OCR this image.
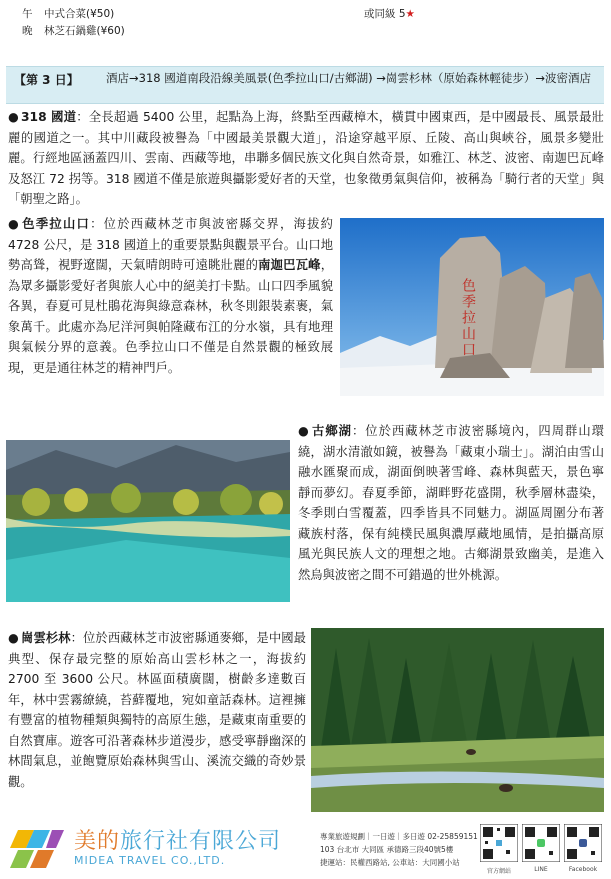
午	中式合菜(¥50)	或同級 5★
晚	林芝石鍋雞(¥60)
【第 3 日】 酒店→318 國道南段沿線美風景(色季拉山口/古鄉湖) →崗雲杉林（原始森林輕徒步）→波密酒店
● 318 國道：全長超過 5400 公里，起點為上海，終點至西藏樟木，橫貫中國東西，是中國最長、風景最壯麗的國道之一。其中川藏段被譽為「中國最美景觀大道」，沿途穿越平原、丘陵、高山與峽谷，風景多變壯麗。行經地區涵蓋四川、雲南、西藏等地，串聯多個民族文化與自然奇景，如雅江、林芝、波密、南迦巴瓦峰及怒江 72 拐等。318 國道不僅是旅遊與攝影愛好者的天堂，也象徵勇氣與信仰，被稱為「騎行者的天堂」與「朝聖之路」。
● 色季拉山口：位於西藏林芝市與波密縣交界，海拔約 4728 公尺，是 318 國道上的重要景點與觀景平台。山口地勢高聳，視野遼闊，天氣晴朗時可遠眺壯麗的南迦巴瓦峰，為眾多攝影愛好者與旅人心中的絕美打卡點。山口四季風貌各異，春夏可見杜鵑花海與綠意森林，秋冬則銀裝素裹，氣象萬千。此處亦為尼洋河與帕隆藏布江的分水嶺，具有地理與氣候分界的意義。色季拉山口不僅是自然景觀的極致展現，更是通往林芝的精神門戶。
色季拉山口
● 古鄉湖：位於西藏林芝市波密縣境內，四周群山環繞，湖水清澈如鏡，被譽為「藏東小瑞士」。湖泊由雪山融水匯聚而成，湖面倒映著雪峰、森林與藍天，景色寧靜而夢幻。春夏季節，湖畔野花盛開，秋季層林盡染，冬季則白雪覆蓋，四季皆具不同魅力。湖區周圍分布著藏族村落，保有純樸民風與濃厚藏地風情，是拍攝高原風光與民族人文的理想之地。古鄉湖景致幽美，是進入然烏與波密之間不可錯過的世外桃源。
● 崗雲杉林：位於西藏林芝市波密縣通麥鄉，是中國最典型、保存最完整的原始高山雲杉林之一，海拔約 2700 至 3600 公尺。林區面積廣闊，樹齡多達數百年，林中雲霧繚繞，苔蘚覆地，宛如童話森林。這裡擁有豐富的植物種類與獨特的高原生態，是藏東南重要的自然寶庫。遊客可沿著森林步道漫步，感受寧靜幽深的林間氣息，並飽覽原始森林與雪山、溪流交織的奇妙景觀。
美的旅行社有限公司
MIDEA TRAVEL CO.,LTD.
專業旅遊規劃｜一日遊｜多日遊 02-25859151
103 台北市 大同區 承德路三段40號5樓
捷運站：民權西路站, 公車站：大同國小站
官方網站	LINE	Facebook
